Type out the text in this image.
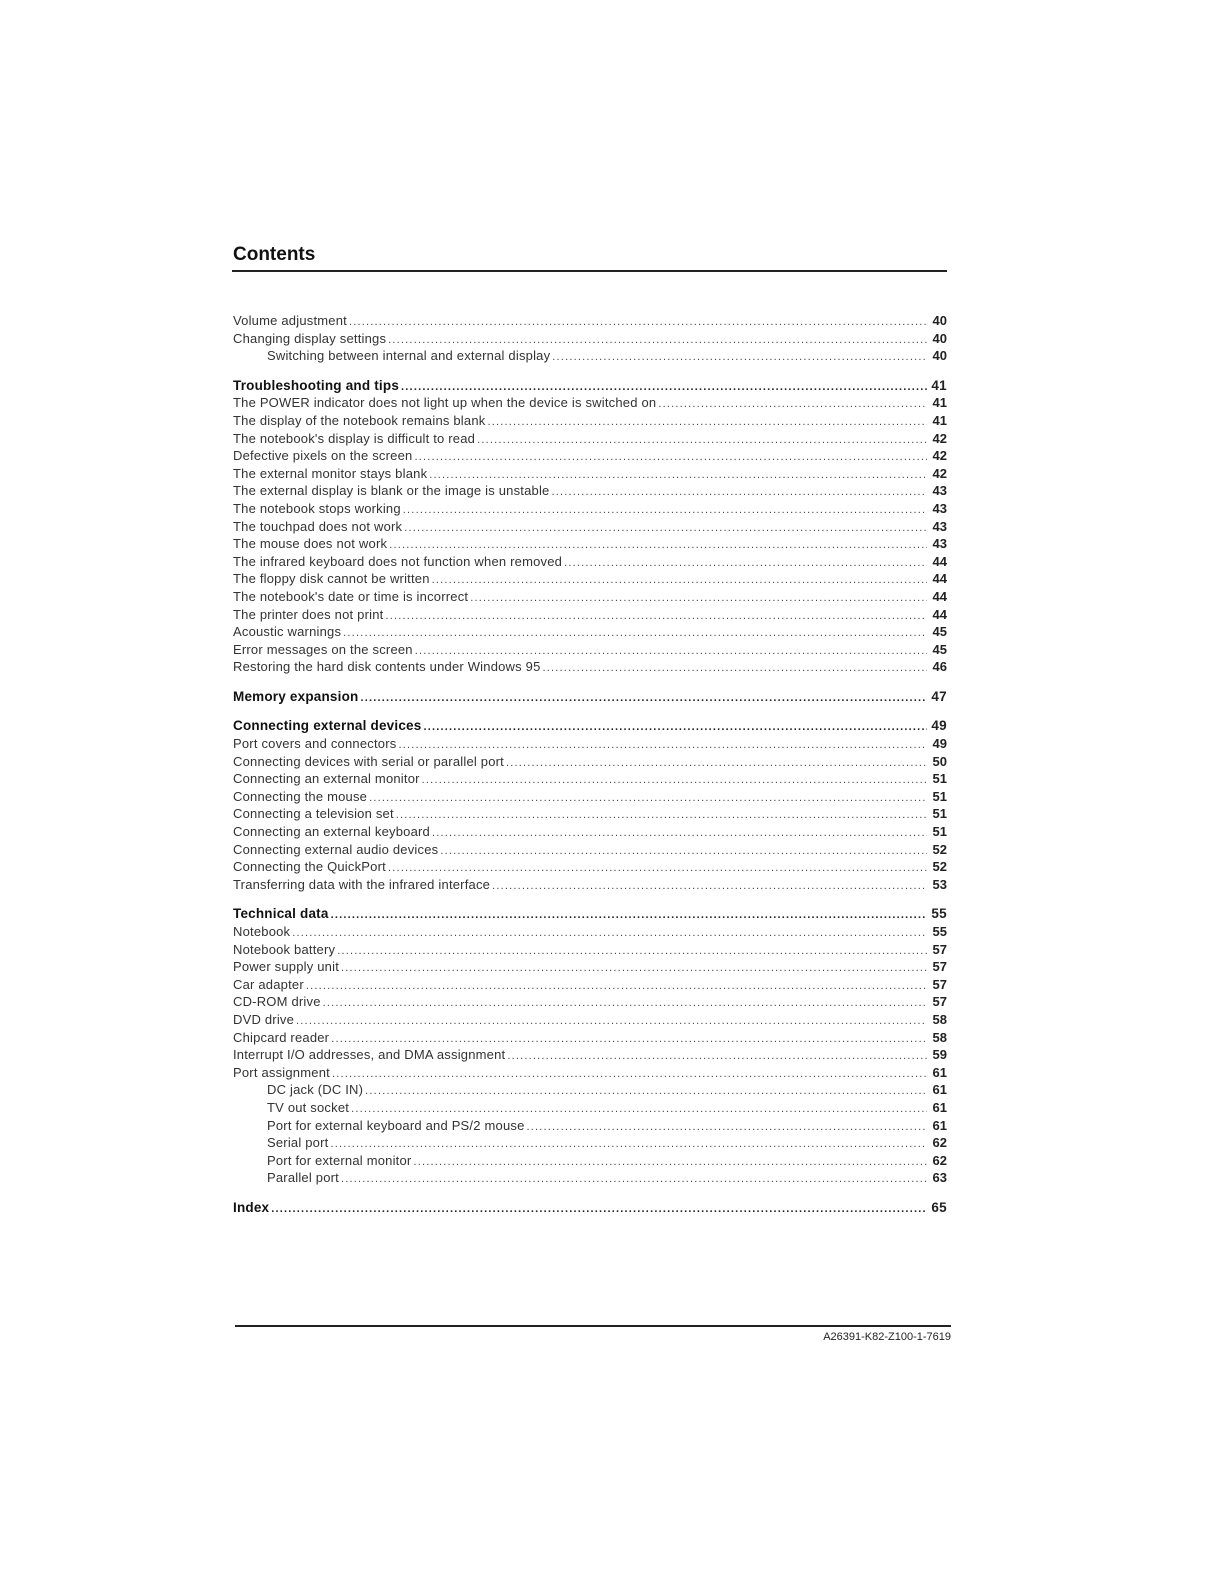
Contents
Volume adjustment .....	40
Changing display settings .....	40
Switching between internal and external display .....	40
Troubleshooting and tips .....	41
The POWER indicator does not light up when the device is switched on .....	41
The display of the notebook remains blank .....	41
The notebook's display is difficult to read .....	42
Defective pixels on the screen .....	42
The external monitor stays blank .....	42
The external display is blank or the image is unstable .....	43
The notebook stops working .....	43
The touchpad does not work .....	43
The mouse does not work .....	43
The infrared keyboard does not function when removed .....	44
The floppy disk cannot be written .....	44
The notebook's date or time is incorrect .....	44
The printer does not print .....	44
Acoustic warnings .....	45
Error messages on the screen .....	45
Restoring the hard disk contents under Windows 95 .....	46
Memory expansion .....	47
Connecting external devices .....	49
Port covers and connectors .....	49
Connecting devices with serial or parallel port .....	50
Connecting an external monitor .....	51
Connecting the mouse .....	51
Connecting a television set .....	51
Connecting an external keyboard .....	51
Connecting external audio devices .....	52
Connecting the QuickPort .....	52
Transferring data with the infrared interface .....	53
Technical data .....	55
Notebook .....	55
Notebook battery .....	57
Power supply unit .....	57
Car adapter .....	57
CD-ROM drive .....	57
DVD drive .....	58
Chipcard reader .....	58
Interrupt I/O addresses, and DMA assignment .....	59
Port assignment .....	61
DC jack (DC IN) .....	61
TV out socket .....	61
Port for external keyboard and PS/2 mouse .....	61
Serial port .....	62
Port for external monitor .....	62
Parallel port .....	63
Index .....	65
A26391-K82-Z100-1-7619
